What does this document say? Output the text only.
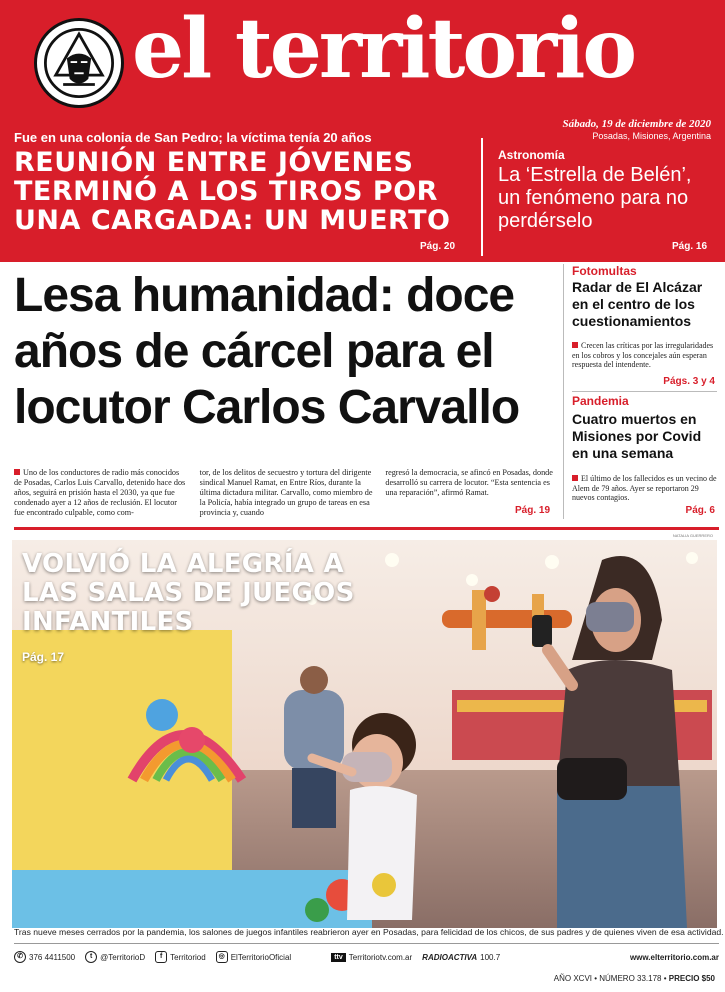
el territorio
Sábado, 19 de diciembre de 2020
Posadas, Misiones, Argentina
Fue en una colonia de San Pedro; la víctima tenía 20 años
REUNIÓN ENTRE JÓVENES TERMINÓ A LOS TIROS POR UNA CARGADA: UN MUERTO
Pág. 20
Astronomía
La ‘Estrella de Belén’, un fenómeno para no perdérselo
Pág. 16
Lesa humanidad: doce años de cárcel para el locutor Carlos Carvallo

Uno de los conductores de radio más conocidos de Posadas, Carlos Luis Carvallo, detenido hace dos años, seguirá en prisión hasta el 2030, ya que fue condenado ayer a 12 años de reclusión. El locutor fue encontrado culpable, como com-

tor, de los delitos de secuestro y tortura del dirigente sindical Manuel Ramat, en Entre Ríos, durante la última dictadura militar. Carvallo, como miembro de la Policía, había integrado un grupo de tareas en esa provincia y, cuando

regresó la democracia, se afincó en Posadas, donde desarrolló su carrera de locutor. “Esta sentencia es una reparación”, afirmó Ramat.

Pág. 19
Fotomultas
Radar de El Alcázar en el centro de los cuestionamientos
Crecen las críticas por las irregularidades en los cobros y los concejales aún esperan respuesta del intendente.
Págs. 3 y 4
Pandemia
Cuatro muertos en Misiones por Covid en una semana
El último de los fallecidos es un vecino de Alem de 79 años. Ayer se reportaron 29 nuevos contagios.
Pág. 6
NATALIA GUERRERO
VOLVIÓ LA ALEGRÍA A LAS SALAS DE JUEGOS INFANTILES
Pág. 17
Tras nueve meses cerrados por la pandemia, los salones de juegos infantiles reabrieron ayer en Posadas, para felicidad de los chicos, de sus padres y de quienes viven de esa actividad.
✆ 376 4411500	t @TerritorioD	f Territoriod	◎ ElTerritorioOficial	ttv Territoriotv.com.ar RADIOACTIVA 100.7	www.elterritorio.com.ar
AÑO XCVI • NÚMERO 33.178 • PRECIO $50
